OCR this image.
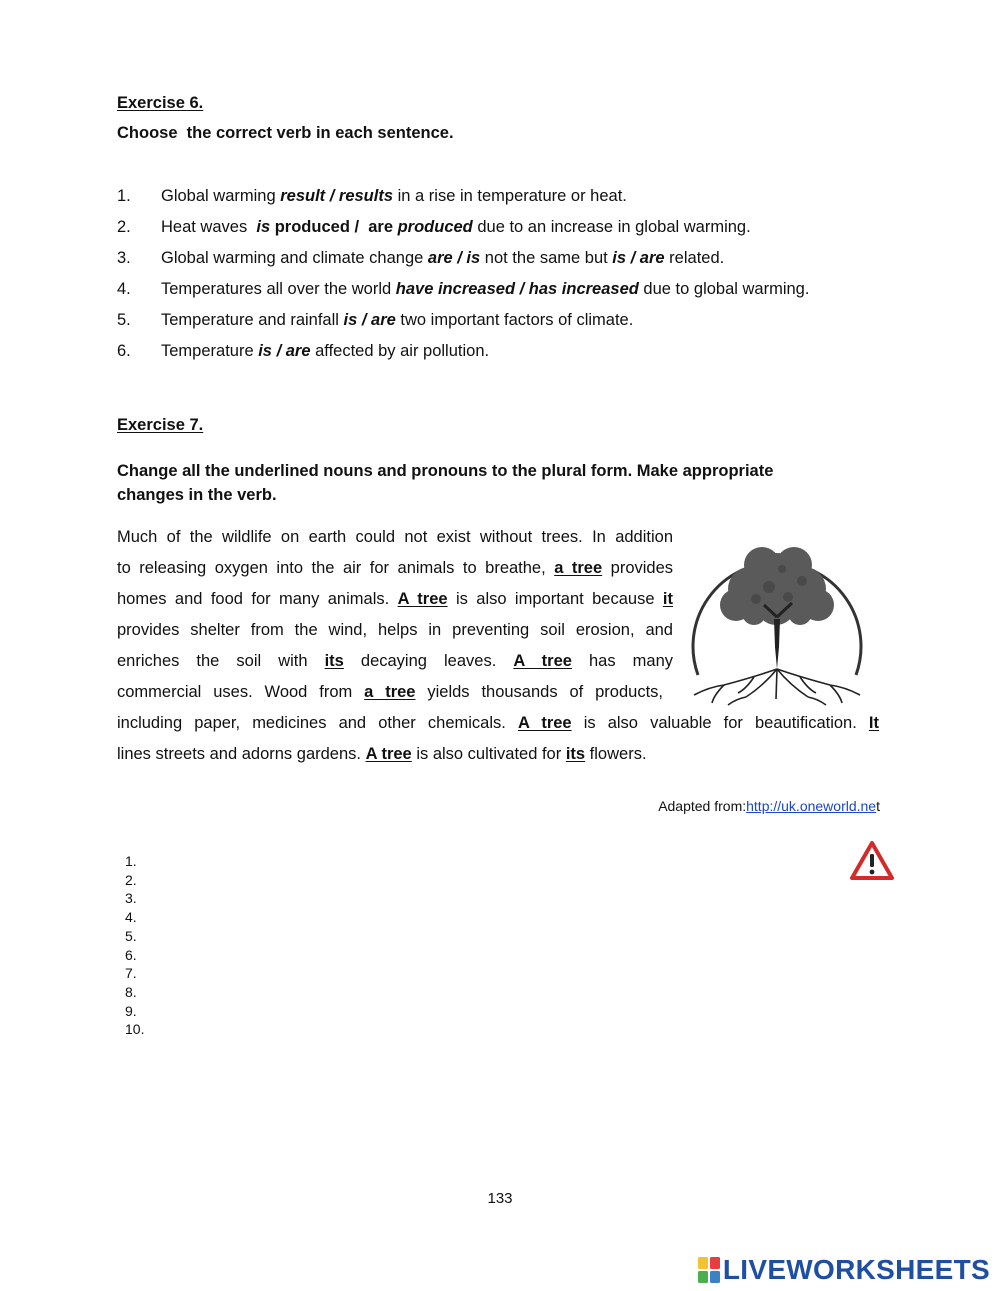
Exercise 6.
Choose  the correct verb in each sentence.
1.	Global warming result / results in a rise in temperature or heat.
2.	Heat waves  is produced /  are produced due to an increase in global warming.
3.	Global warming and climate change are / is not the same but is / are related.
4.	Temperatures all over the world have increased / has increased due to global warming.
5.	Temperature and rainfall is / are two important factors of climate.
6.	Temperature is / are affected by air pollution.
Exercise 7.
Change all the underlined nouns and pronouns to the plural form. Make appropriate
changes in the verb.
Much of the wildlife on earth could not exist without trees. In addition
to releasing oxygen into the air for animals to breathe, a tree provides
homes and food for many animals. A tree is also important because it
provides shelter from the wind, helps in preventing soil erosion, and
enriches the soil with its decaying leaves. A tree has many
commercial uses. Wood from a tree yields thousands of products,
including paper, medicines and other chemicals. A tree is also valuable for beautification. It
lines streets and adorns gardens. A tree is also cultivated for its flowers.
Adapted from:http://uk.oneworld.net
1.
2.
3.
4.
5.
6.
7.
8.
9.
10.
133
LIVEWORKSHEETS
